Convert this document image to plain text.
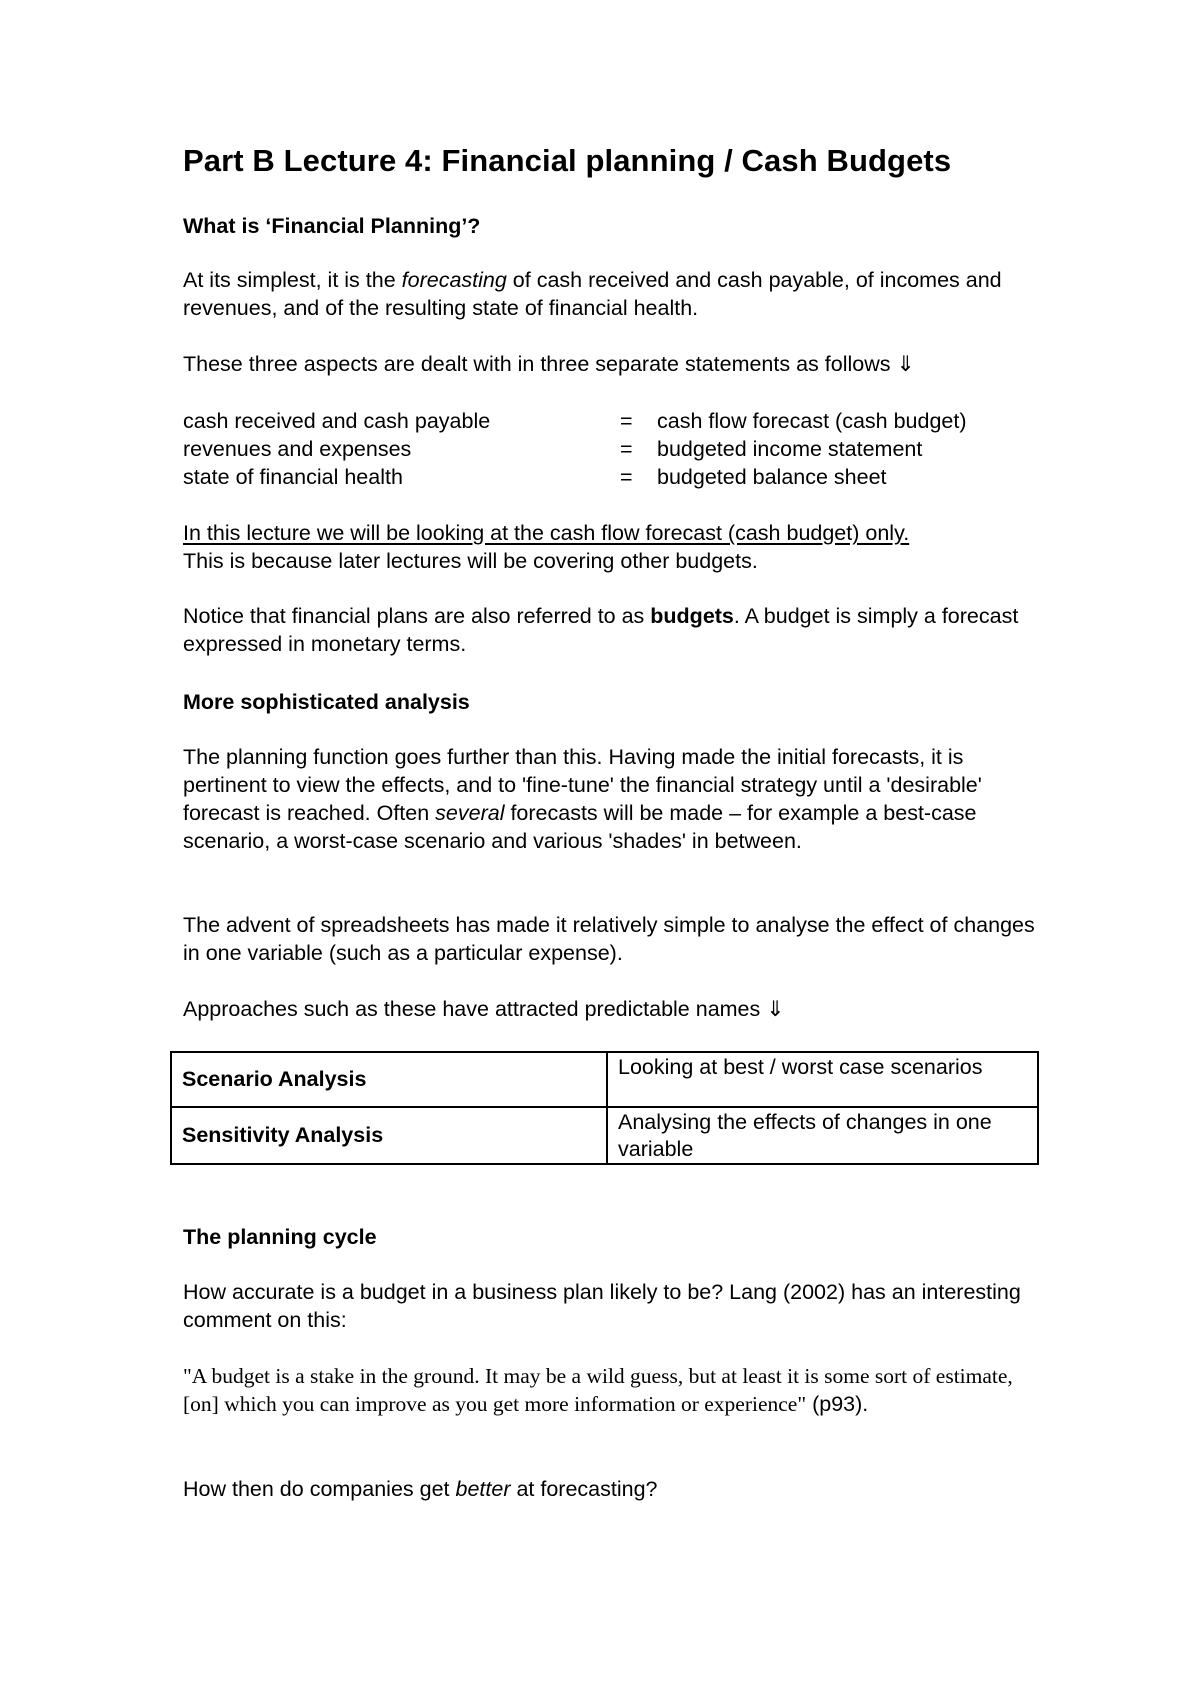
Part B Lecture 4: Financial planning / Cash Budgets
What is ‘Financial Planning’?
At its simplest, it is the forecasting of cash received and cash payable, of incomes and revenues, and of the resulting state of financial health.
These three aspects are dealt with in three separate statements as follows ⇓
cash received and cash payable	= cash flow forecast (cash budget)
revenues and expenses	= budgeted income statement
state of financial health	= budgeted balance sheet
In this lecture we will be looking at the cash flow forecast (cash budget) only.
This is because later lectures will be covering other budgets.
Notice that financial plans are also referred to as budgets. A budget is simply a forecast expressed in monetary terms.
More sophisticated analysis
The planning function goes further than this. Having made the initial forecasts, it is pertinent to view the effects, and to 'fine-tune' the financial strategy until a 'desirable' forecast is reached. Often several forecasts will be made – for example a best-case scenario, a worst-case scenario and various 'shades' in between.
The advent of spreadsheets has made it relatively simple to analyse the effect of changes in one variable (such as a particular expense).
Approaches such as these have attracted predictable names ⇓
Scenario Analysis	Looking at best / worst case scenarios
Sensitivity Analysis	Analysing the effects of changes in one variable
The planning cycle
How accurate is a budget in a business plan likely to be? Lang (2002) has an interesting comment on this:
"A budget is a stake in the ground. It may be a wild guess, but at least it is some sort of estimate, [on] which you can improve as you get more information or experience" (p93).
How then do companies get better at forecasting?
